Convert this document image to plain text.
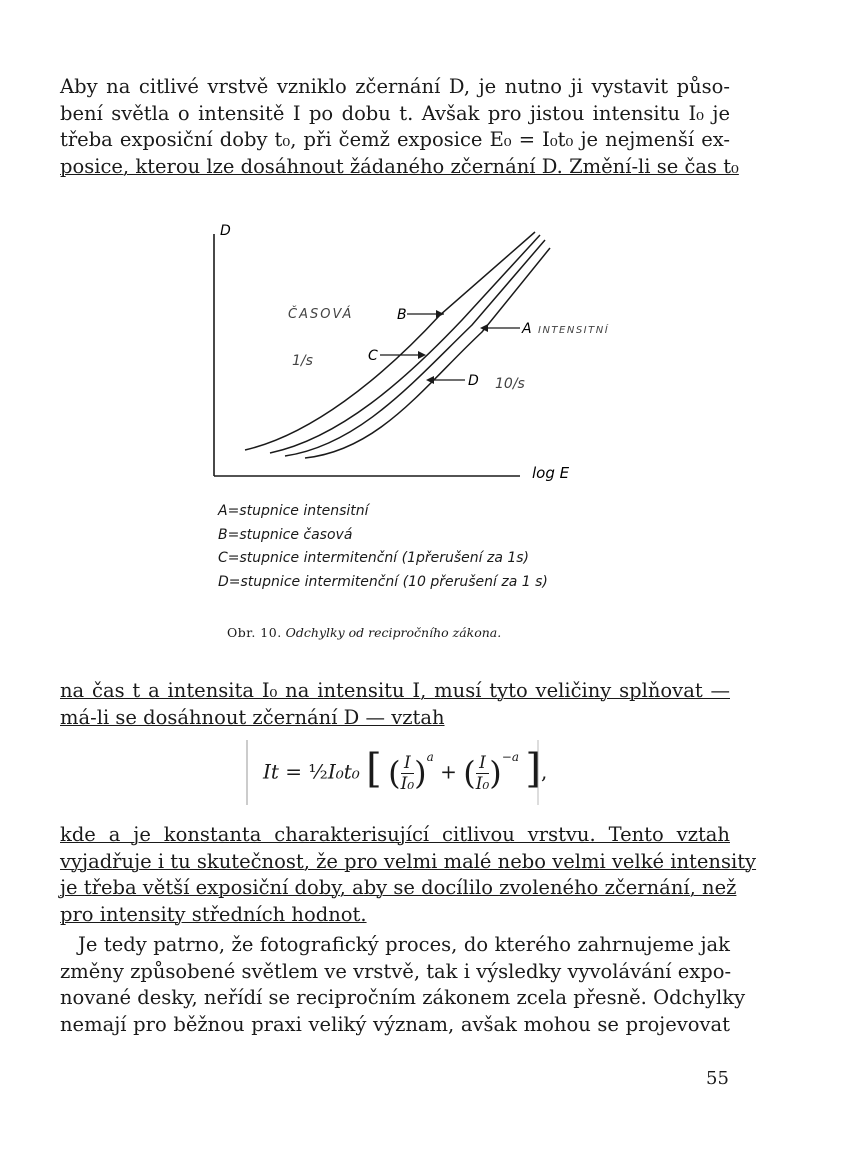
Aby na citlivé vrstvě vzniklo zčernání D, je nutno ji vystavit půso-
bení světla o intensitě I po dobu t. Avšak pro jistou intensitu I₀ je
třeba exposiční doby t₀, při čemž exposice E₀ = I₀t₀ je nejmenší ex-
posice, kterou lze dosáhnout žádaného zčernání D. Změní-li se čas t₀
D
log E
B
A
C
D
ČASOVÁ
INTENSITNÍ
1/s
10/s
A=stupnice intensitní
B=stupnice časová
C=stupnice intermitenční (1přerušení za 1s)
D=stupnice intermitenční (10 přerušení za 1 s)
Obr. 10. Odchylky od recipročního zákona.
na čas t a intensita I₀ na intensitu I, musí tyto veličiny splňovat —
má-li se dosáhnout zčernání D — vztah
It = ½I₀t₀ [ ( $\frac{I}{\text{I₀}} )^a$ + ( $\frac{I}{\text{I₀}} )^{-a}$ ],
kde a je konstanta charakterisující citlivou vrstvu. Tento vztah
vyjadřuje i tu skutečnost, že pro velmi malé nebo velmi velké intensity
je třeba větší exposiční doby, aby se docílilo zvoleného zčernání, než
pro intensity středních hodnot.
Je tedy patrno, že fotografický proces, do kterého zahrnujeme jak
změny způsobené světlem ve vrstvě, tak i výsledky vyvolávání expo-
nované desky, neřídí se recipročním zákonem zcela přesně. Odchylky
nemají pro běžnou praxi veliký význam, avšak mohou se projevovat
55
